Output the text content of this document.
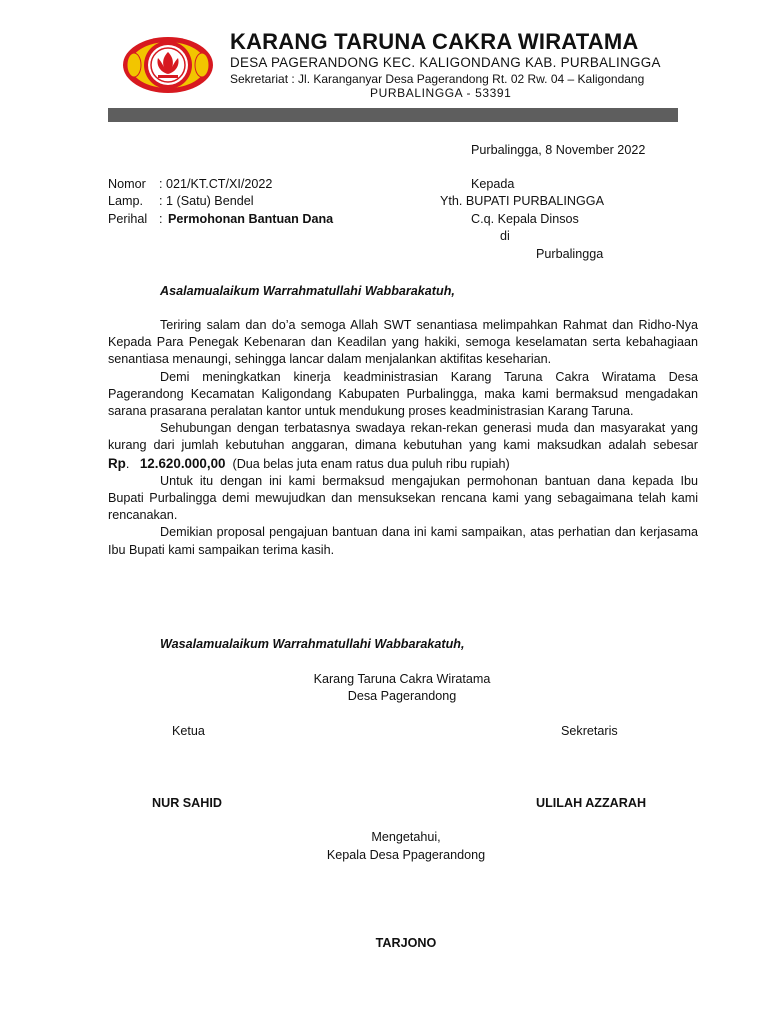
KARANG TARUNA CAKRA WIRATAMA
DESA PAGERANDONG KEC. KALIGONDANG KAB. PURBALINGGA
Sekretariat : Jl. Karanganyar Desa Pagerandong Rt. 02 Rw. 04 – Kaligondang
PURBALINGGA - 53391
Purbalingga, 8 November 2022
Nomor : 021/KT.CT/XI/2022
Lamp. : 1 (Satu) Bendel
Perihal : Permohonan Bantuan Dana
Kepada
Yth. BUPATI PURBALINGGA
C.q. Kepala Dinsos
di
Purbalingga
Asalamualaikum Warrahmatullahi Wabbarakatuh,

Teriring salam dan do’a semoga Allah SWT senantiasa melimpahkan Rahmat dan Ridho-Nya Kepada Para Penegak Kebenaran dan Keadilan yang hakiki, semoga keselamatan serta kebahagiaan senantiasa menaungi, sehingga lancar dalam menjalankan aktifitas keseharian.

Demi meningkatkan kinerja keadministrasian Karang Taruna Cakra Wiratama Desa Pagerandong Kecamatan Kaligondang Kabupaten Purbalingga, maka kami bermaksud mengadakan sarana prasarana peralatan kantor untuk mendukung proses keadministrasian Karang Taruna.

Sehubungan dengan terbatasnya swadaya rekan-rekan generasi muda dan masyarakat yang kurang dari jumlah kebutuhan anggaran, dimana kebutuhan yang kami maksudkan adalah sebesar Rp.   12.620.000,00 (Dua belas juta enam ratus dua puluh ribu rupiah)

Untuk itu dengan ini kami bermaksud mengajukan permohonan bantuan dana kepada Ibu Bupati Purbalingga demi mewujudkan dan mensuksekan rencana kami yang sebagaimana telah kami rencanakan.

Demikian proposal pengajuan bantuan dana ini kami sampaikan, atas perhatian dan kerjasama Ibu Bupati kami sampaikan terima kasih.

Wasalamualaikum Warrahmatullahi Wabbarakatuh,
Karang Taruna Cakra Wiratama
Desa Pagerandong
Ketua	Sekretaris
NUR SAHID	ULILAH AZZARAH
Mengetahui,
Kepala Desa Ppagerandong
TARJONO
